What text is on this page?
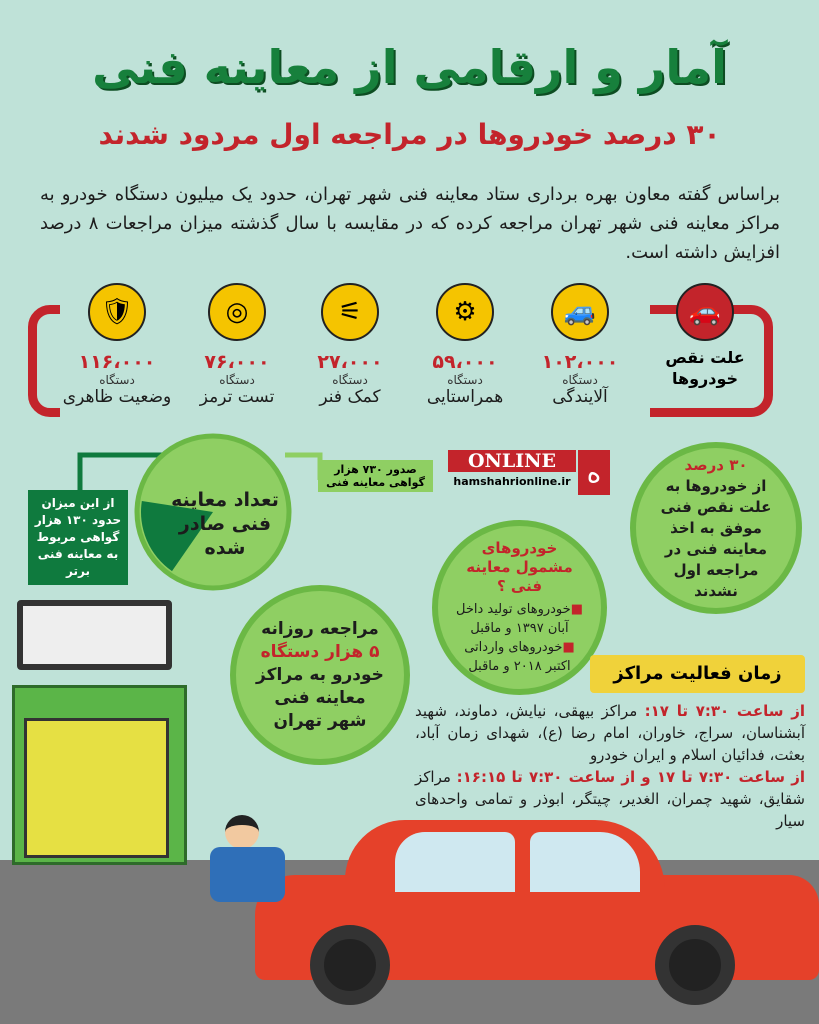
آمار و ارقامی از معاینه فنی
۳۰ درصد خودروها در مراجعه اول مردود شدند
براساس گفته معاون بهره برداری ستاد معاینه فنی شهر تهران، حدود یک میلیون دستگاه خودرو به مراکز معاینه فنی شهر تهران مراجعه کرده که در مقایسه با سال گذشته میزان مراجعات ۸ درصد افزایش داشته است.
🚗
علت نقص خودروها
🚙
۱۰۲،۰۰۰
دستگاه
آلایندگی
⚙
۵۹،۰۰۰
دستگاه
همراستایی
⚟
۲۷،۰۰۰
دستگاه
کمک فنر
◎
۷۶،۰۰۰
دستگاه
تست ترمز
🛡
۱۱۶،۰۰۰
دستگاه
وضعیت ظاهری
تعداد معاینه فنی صادر شده
صدور ۷۳۰ هزار گواهی معاینه فنی
از این میزان حدود ۱۳۰ هزار گواهی مربوط به معاینه فنی برتر
ONLINE
hamshahrionline.ir ه	۳۰ درصد
از خودروها به علت نقص فنی موفق به اخذ معاینه فنی در مراجعه اول نشدند
خودروهای مشمول معاینه فنی ؟
■خودروهای تولید داخل آبان ۱۳۹۷ و ماقبل
■خودروهای وارداتی اکتبر ۲۰۱۸ و ماقبل
مراجعه روزانه
۵ هزار دستگاه
خودرو به مراکز معاینه فنی شهر تهران
زمان فعالیت مراکز
از ساعت ۷:۳۰ تا ۱۷: مراکز بیهقی، نیایش، دماوند، شهید آبشناسان، سراج، خاوران، امام رضا (ع)، شهدای زمان آباد، بعثت، فدائیان اسلام و ایران خودرو
از ساعت ۷:۳۰ تا ۱۷ و از ساعت ۷:۳۰ تا ۱۶:۱۵: مراکز شقایق، شهید چمران، الغدیر، چیتگر، ابوذر و تمامی واحدهای سیار
